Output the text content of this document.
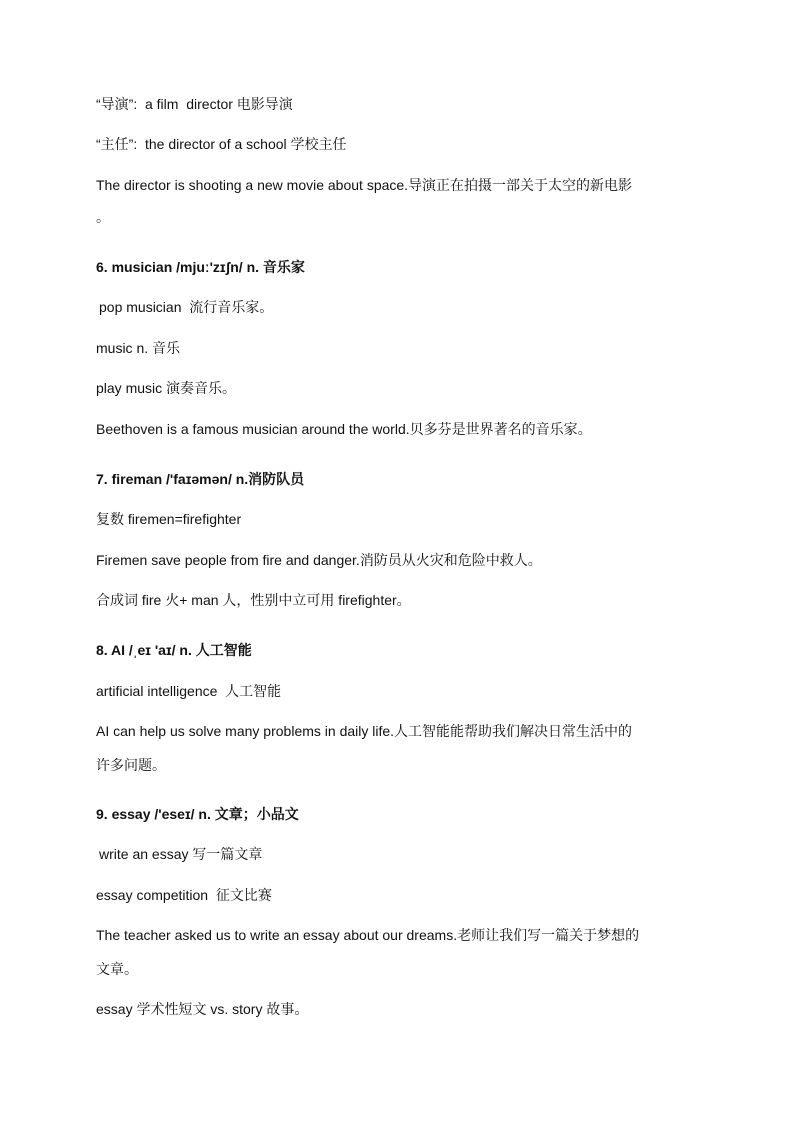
“导演”:  a film  director 电影导演
“主任”:  the director of a school 学校主任
The director is shooting a new movie about space.导演正在拍摄一部关于太空的新电影
。
6. musician /mjuː'zɪʃn/ n. 音乐家
pop musician  流行音乐家。
music n. 音乐
play music 演奏音乐。
Beethoven is a famous musician around the world.贝多芬是世界著名的音乐家。
7. fireman /'faɪəmən/ n.消防队员
复数 firemen=firefighter
Firemen save people from fire and danger.消防员从火灾和危险中救人。
合成词 fire 火+ man 人，性别中立可用 firefighter。
8. AI /ˌeɪ 'aɪ/ n. 人工智能
artificial intelligence  人工智能
AI can help us solve many problems in daily life.人工智能能帮助我们解决日常生活中的
许多问题。
9. essay /'eseɪ/ n. 文章；小品文
write an essay 写一篇文章
essay competition  征文比赛
The teacher asked us to write an essay about our dreams.老师让我们写一篇关于梦想的
文章。
essay 学术性短文 vs. story 故事。
